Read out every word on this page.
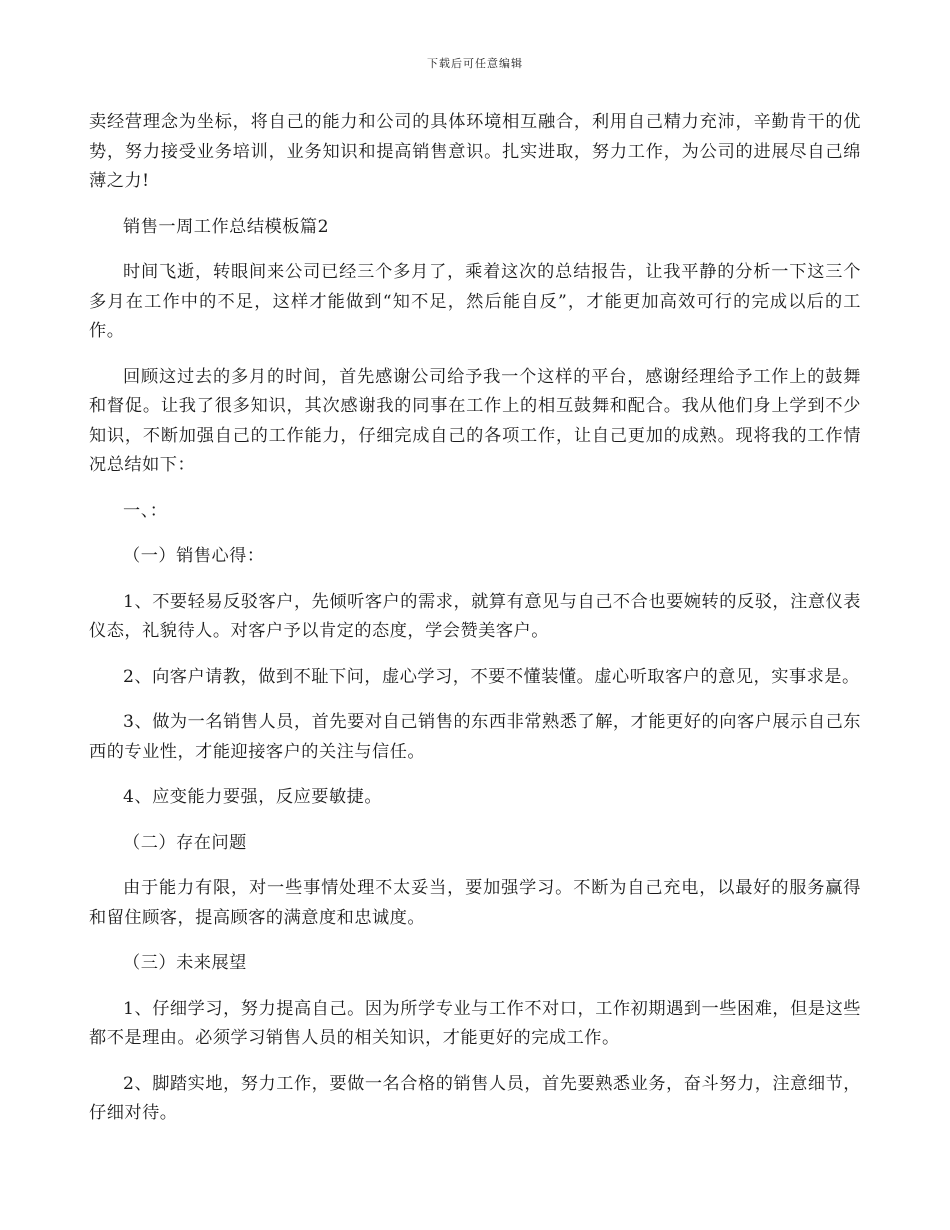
下载后可任意编辑

卖经营理念为坐标，将自己的能力和公司的具体环境相互融合，利用自己精力充沛，辛勤肯干的优势，努力接受业务培训，业务知识和提高销售意识。扎实进取，努力工作，为公司的进展尽自己绵薄之力!

销售一周工作总结模板篇2

时间飞逝，转眼间来公司已经三个多月了，乘着这次的总结报告，让我平静的分析一下这三个多月在工作中的不足，这样才能做到“知不足，然后能自反”，才能更加高效可行的完成以后的工作。

回顾这过去的多月的时间，首先感谢公司给予我一个这样的平台，感谢经理给予工作上的鼓舞和督促。让我了很多知识，其次感谢我的同事在工作上的相互鼓舞和配合。我从他们身上学到不少知识，不断加强自己的工作能力，仔细完成自己的各项工作，让自己更加的成熟。现将我的工作情况总结如下：

一、：

（一）销售心得：

1、不要轻易反驳客户，先倾听客户的需求，就算有意见与自己不合也要婉转的反驳，注意仪表仪态，礼貌待人。对客户予以肯定的态度，学会赞美客户。

2、向客户请教，做到不耻下问，虚心学习，不要不懂装懂。虚心听取客户的意见，实事求是。

3、做为一名销售人员，首先要对自己销售的东西非常熟悉了解，才能更好的向客户展示自己东西的专业性，才能迎接客户的关注与信任。

4、应变能力要强，反应要敏捷。

（二）存在问题

由于能力有限，对一些事情处理不太妥当，要加强学习。不断为自己充电，以最好的服务赢得和留住顾客，提高顾客的满意度和忠诚度。

（三）未来展望

1、仔细学习，努力提高自己。因为所学专业与工作不对口，工作初期遇到一些困难，但是这些都不是理由。必须学习销售人员的相关知识，才能更好的完成工作。

2、脚踏实地，努力工作，要做一名合格的销售人员，首先要熟悉业务，奋斗努力，注意细节，仔细对待。
